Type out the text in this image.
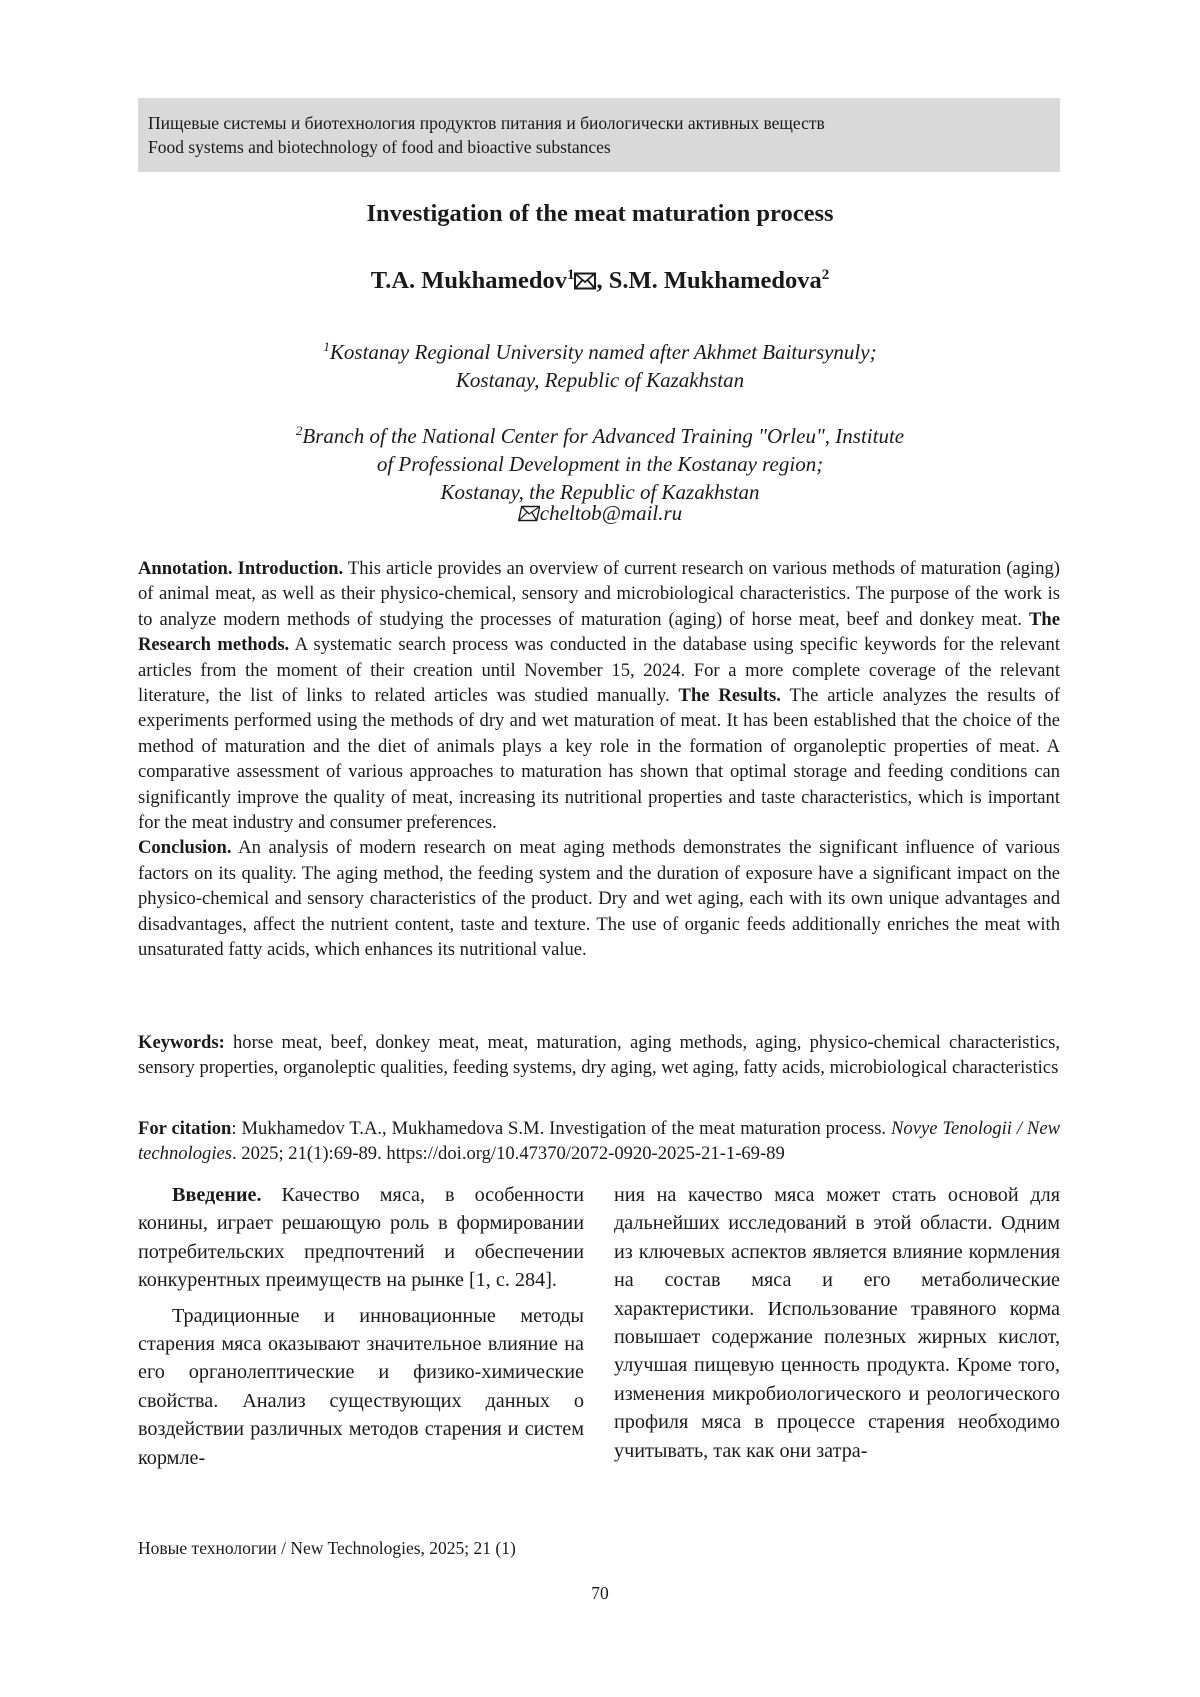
Пищевые системы и биотехнология продуктов питания и биологически активных веществ
Food systems and biotechnology of food and bioactive substances
Investigation of the meat maturation process
T.A. Mukhamedov$^1$ , S.M. Mukhamedova$^2$
$^1$Kostanay Regional University named after Akhmet Baitursynuly;
Kostanay, Republic of Kazakhstan
$^2$Branch of the National Center for Advanced Training "Orleu", Institute
of Professional Development in the Kostanay region;
Kostanay, the Republic of Kazakhstan
cheltob@mail.ru
Annotation. Introduction. This article provides an overview of current research on various methods of maturation (aging) of animal meat, as well as their physico-chemical, sensory and microbiological characteristics. The purpose of the work is to analyze modern methods of studying the processes of maturation (aging) of horse meat, beef and donkey meat. The Research methods. A systematic search process was conducted in the database using specific keywords for the relevant articles from the moment of their creation until November 15, 2024. For a more complete coverage of the relevant literature, the list of links to related articles was studied manually. The Results. The article analyzes the results of experiments performed using the methods of dry and wet maturation of meat. It has been established that the choice of the method of maturation and the diet of animals plays a key role in the formation of organoleptic properties of meat. A comparative assessment of various approaches to maturation has shown that optimal storage and feeding conditions can significantly improve the quality of meat, increasing its nutritional properties and taste characteristics, which is important for the meat industry and consumer preferences.
Conclusion. An analysis of modern research on meat aging methods demonstrates the significant influence of various factors on its quality. The aging method, the feeding system and the duration of exposure have a significant impact on the physico-chemical and sensory characteristics of the product. Dry and wet aging, each with its own unique advantages and disadvantages, affect the nutrient content, taste and texture. The use of organic feeds additionally enriches the meat with unsaturated fatty acids, which enhances its nutritional value.
Keywords: horse meat, beef, donkey meat, meat, maturation, aging methods, aging, physico-chemical characteristics, sensory properties, organoleptic qualities, feeding systems, dry aging, wet aging, fatty acids, microbiological characteristics
For citation: Mukhamedov T.A., Mukhamedova S.M. Investigation of the meat maturation process. Novye Tenologii / New technologies. 2025; 21(1):69-89. https://doi.org/10.47370/2072-0920-2025-21-1-69-89

Введение. Качество мяса, в особенности конины, играет решающую роль в формировании потребительских предпочтений и обеспечении конкурентных преимуществ на рынке [1, с. 284].

Традиционные и инновационные методы старения мяса оказывают значительное влияние на его органолептические и физико-химические свойства. Анализ существующих данных о воздействии различных методов старения и систем кормле-

ния на качество мяса может стать основой для дальнейших исследований в этой области. Одним из ключевых аспектов является влияние кормления на состав мяса и его метаболические характеристики. Использование травяного корма повышает содержание полезных жирных кислот, улучшая пищевую ценность продукта. Кроме того, изменения микробиологического и реологического профиля мяса в процессе старения необходимо учитывать, так как они затра-

Новые технологии / New Technologies, 2025; 21 (1)
70
